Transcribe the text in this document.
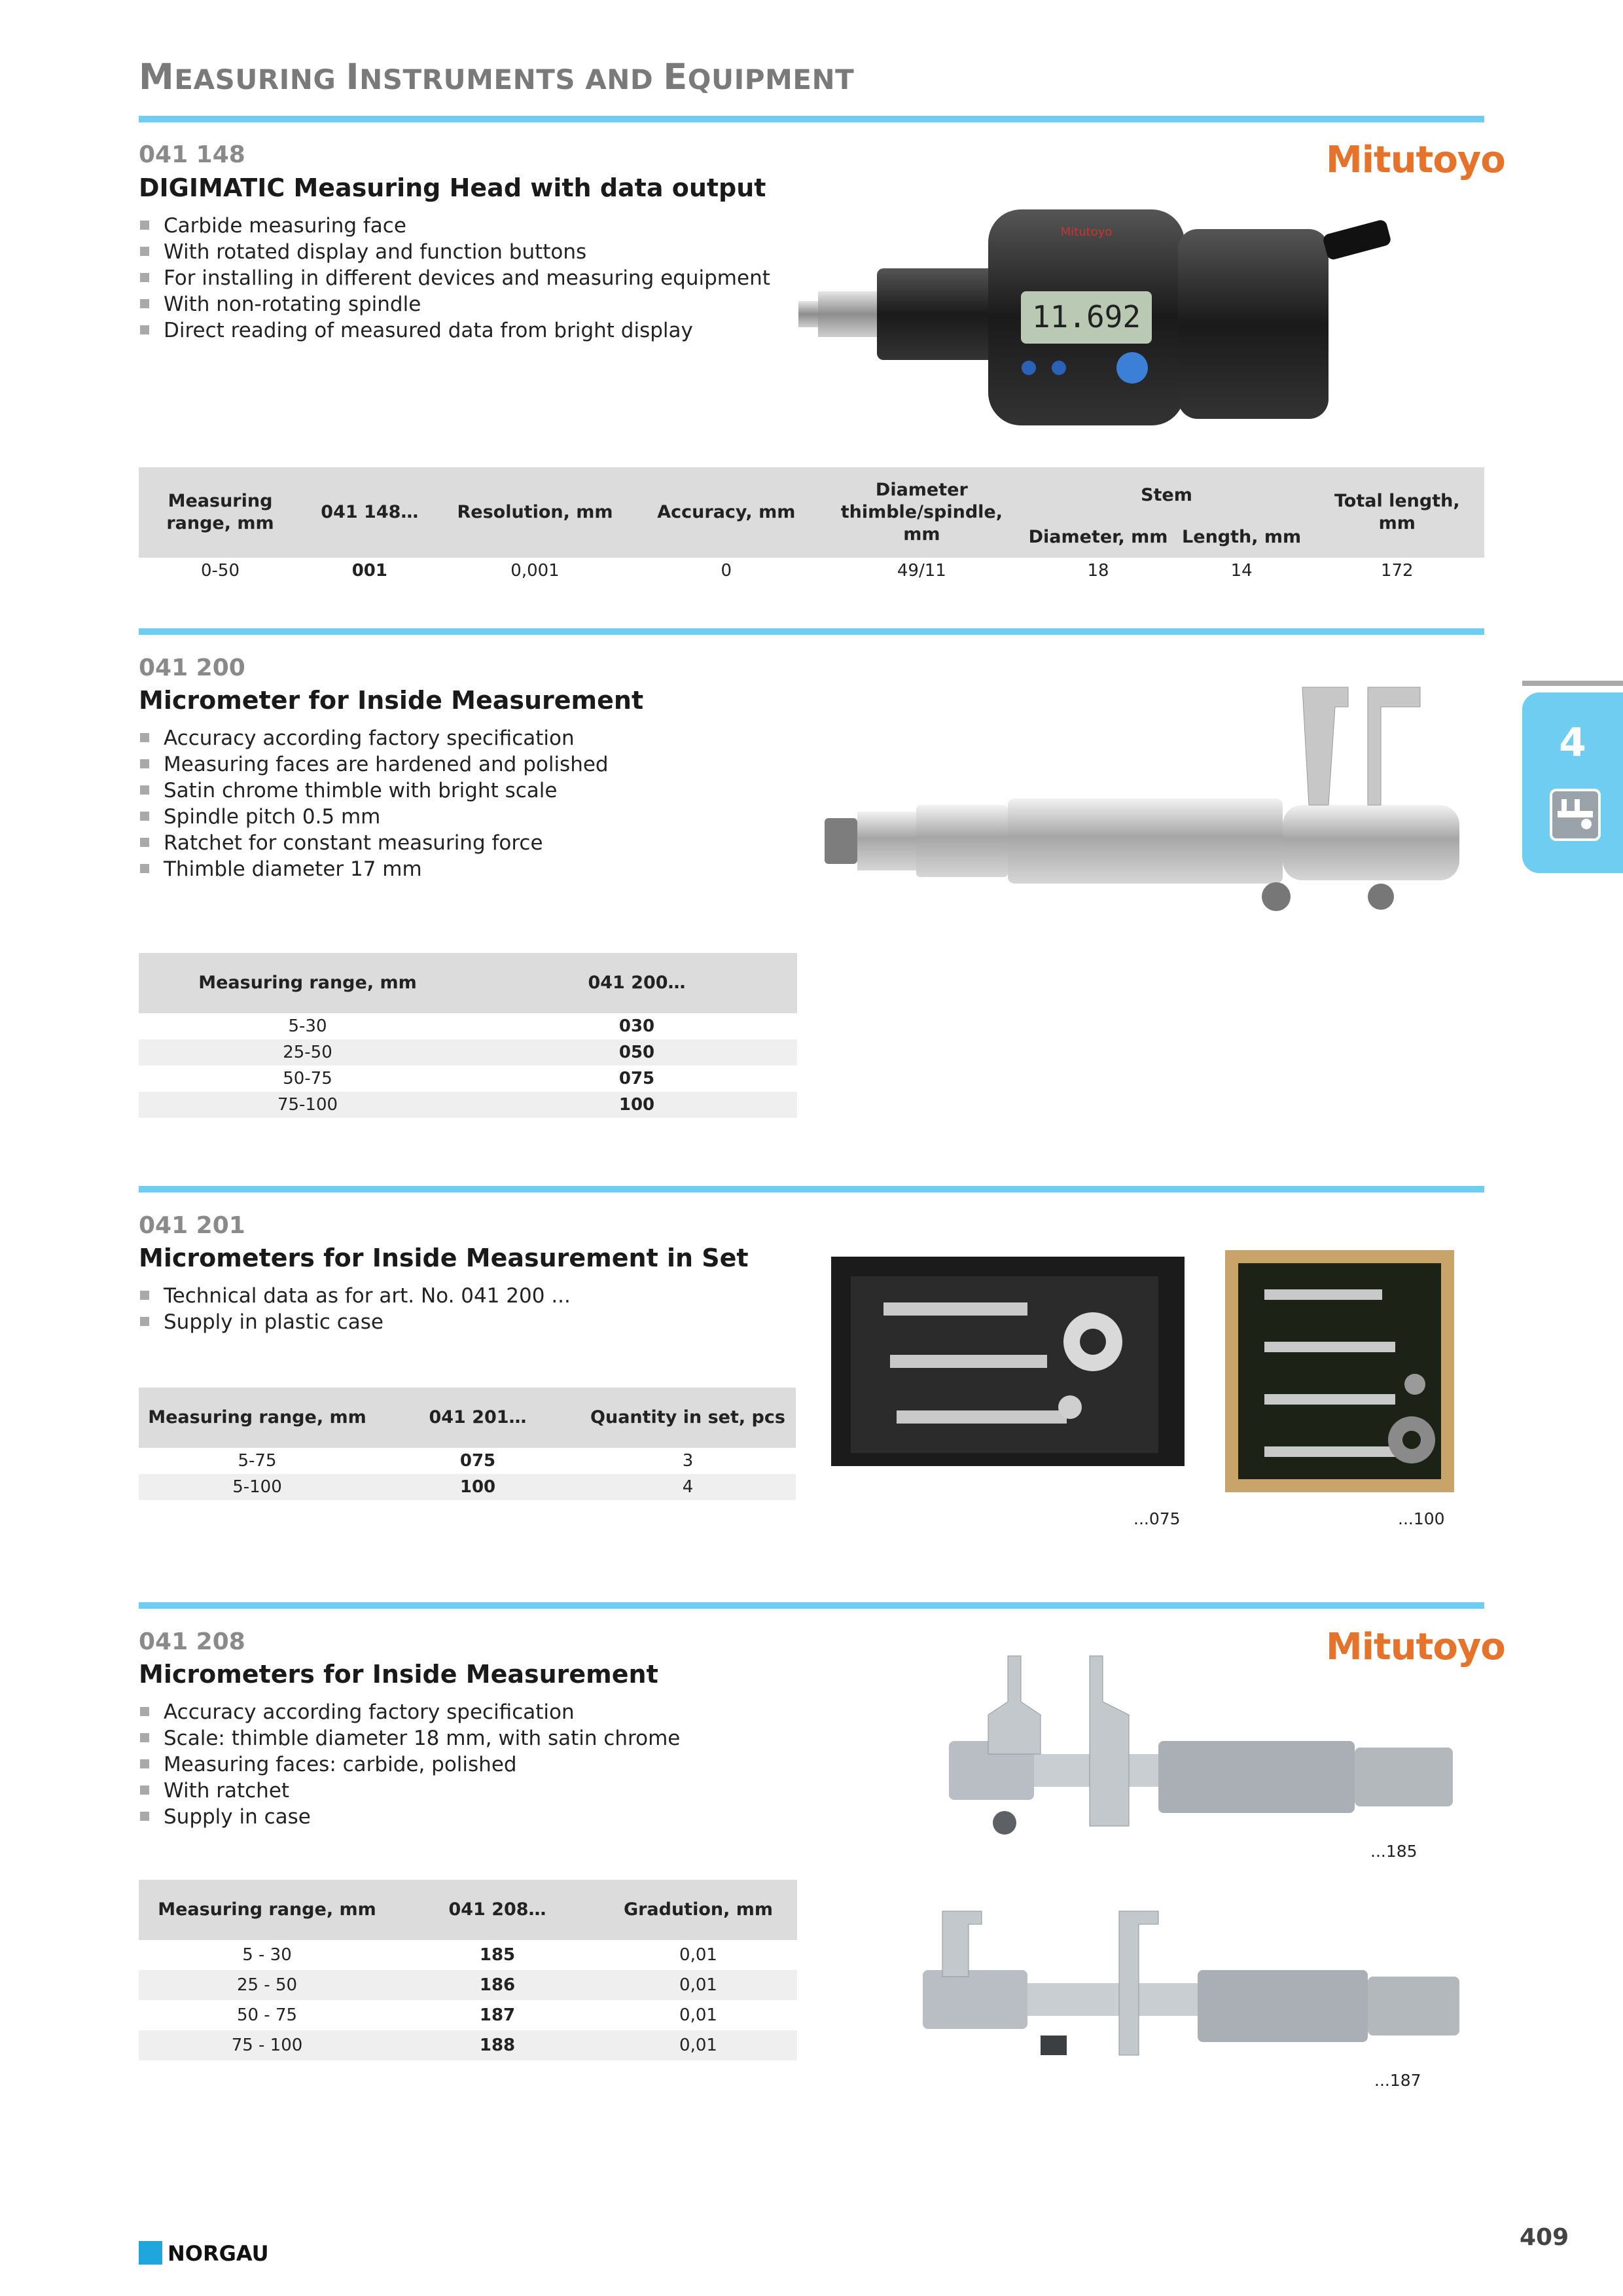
MEASURING INSTRUMENTS AND EQUIPMENT
4
041 148
DIGIMATIC Measuring Head with data output
Mitutoyo
Carbide measuring face
With rotated display and function buttons
For installing in different devices and measuring equipment
With non-rotating spindle
Direct reading of measured data from bright display	11.692
Mitutoyo
Measuring range, mm	041 148…	Resolution, mm	Accuracy, mm	Diameter thimble/spindle, mm	Stem		Total length, mm
					Diameter, mm	Length, mm	
0-50	001	0,001	0	49/11	18	14	172
041 200
Micrometer for Inside Measurement
Accuracy according factory specification
Measuring faces are hardened and polished
Satin chrome thimble with bright scale
Spindle pitch 0.5 mm
Ratchet for constant measuring force
Thimble diameter 17 mm
Measuring range, mm	041 200…
5-30	030
25-50	050
50-75	075
75-100	100
041 201
Micrometers for Inside Measurement in Set
Technical data as for art. No. 041 200 ...
Supply in plastic case
...075	...100
Measuring range, mm	041 201…	Quantity in set, pcs
5-75	075	3
5-100	100	4
041 208
Micrometers for Inside Measurement
Mitutoyo
Accuracy according factory specification
Scale: thimble diameter 18 mm, with satin chrome
Measuring faces: carbide, polished
With ratchet
Supply in case
...185
...187
Measuring range, mm	041 208…	Gradution, mm
5 - 30	185	0,01
25 - 50	186	0,01
50 - 75	187	0,01
75 - 100	188	0,01
NORGAU
409
